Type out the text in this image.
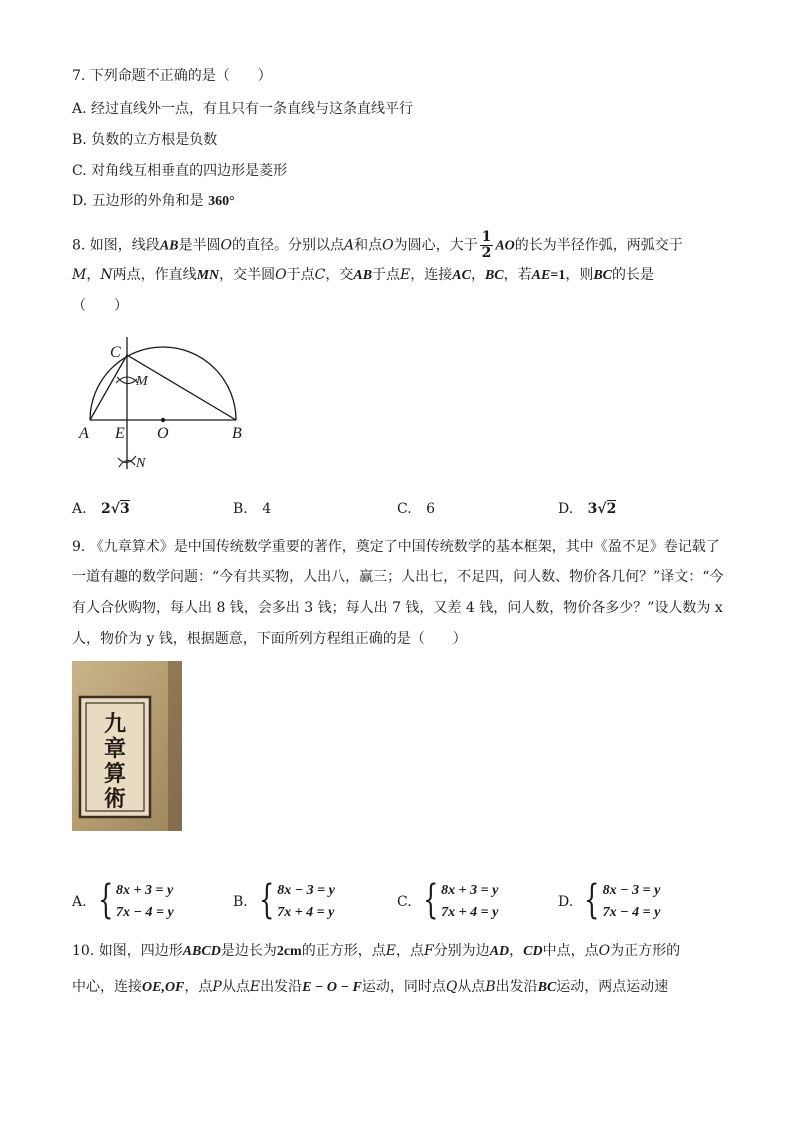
7. 下列命题不正确的是（　　）
A. 经过直线外一点，有且只有一条直线与这条直线平行
B. 负数的立方根是负数
C. 对角线互相垂直的四边形是菱形
D. 五边形的外角和是 360°
8. 如图，线段AB是半圆O的直径。分别以点A和点O为圆心，大于 $\frac{1}{2}$ AO的长为半径作弧，两弧交于
M，N两点，作直线MN，交半圆O于点C，交AB于点E，连接AC，BC，若AE=1，则BC的长是
（　　）
C
M
A E O	B
N
A. 2√3	B. 4	C. 6	D. 3√2
9. 《九章算术》是中国传统数学重要的著作，奠定了中国传统数学的基本框架，其中《盈不足》卷记载了
一道有趣的数学问题：“今有共买物，人出八，赢三；人出七，不足四，问人数、物价各几何？”译文：“今
有人合伙购物，每人出 8 钱，会多出 3 钱；每人出 7 钱，又差 4 钱，问人数，物价各多少？”设人数为 x
人，物价为 y 钱，根据题意，下面所列方程组正确的是（　　）
九
章
算
術
A. { 8x + 3 = y
7x − 4 = y
B. { 8x − 3 = y
7x + 4 = y
C. { 8x + 3 = y
7x + 4 = y
D. { 8x − 3 = y
7x − 4 = y
10. 如图，四边形ABCD是边长为2cm的正方形，点E，点F分别为边AD，CD中点，点O为正方形的
中心，连接OE,OF，点P从点E出发沿E − O − F运动，同时点Q从点B出发沿BC运动，两点运动速
